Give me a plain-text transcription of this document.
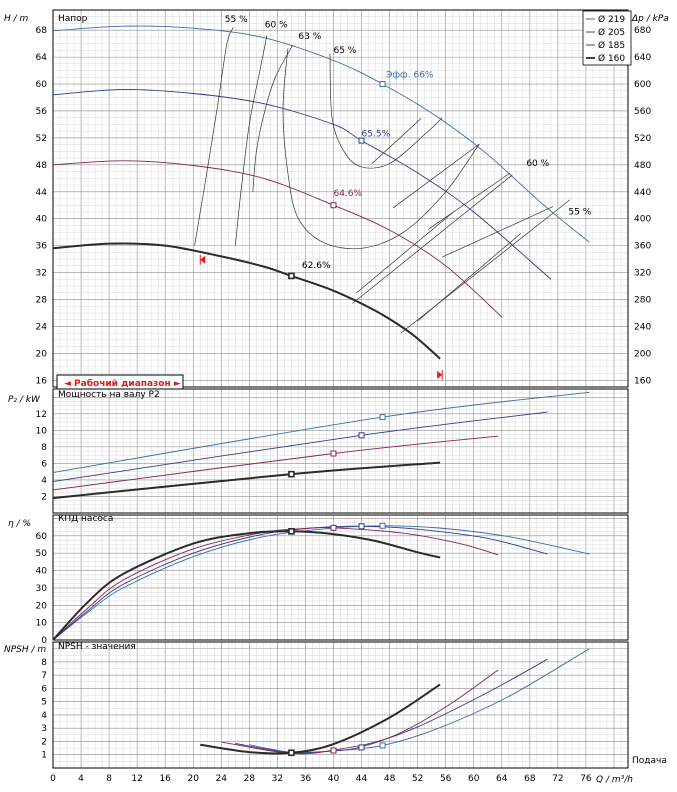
16
20
24
28
32
36
40
44
48
52
56
60
64
68
2
4
6
8
10
12
0
10
20
30
40
50
60
1
2
3
4
5
6
7
8
160
200
240
280
320
360
400
440
480
520
560
600
640
680
0 4 8 12 16 20 24 28 32 36 40 44 48 52 56 60 64 68 72 76
55 %
60 %
63 %
65 %
Эфф. 66%
65.5%
64.6%
62.6%
60 %
55 %
Напор
Мощность на валу P2
КПД насоса
NPSH - значения
H / m	Δp / kPa
P₂ / kW
η / %
NPSH / m
Подача
Q / m³/h
◄ Рабочий диапазон ►
Ø 219
Ø 205
Ø 185
Ø 160
